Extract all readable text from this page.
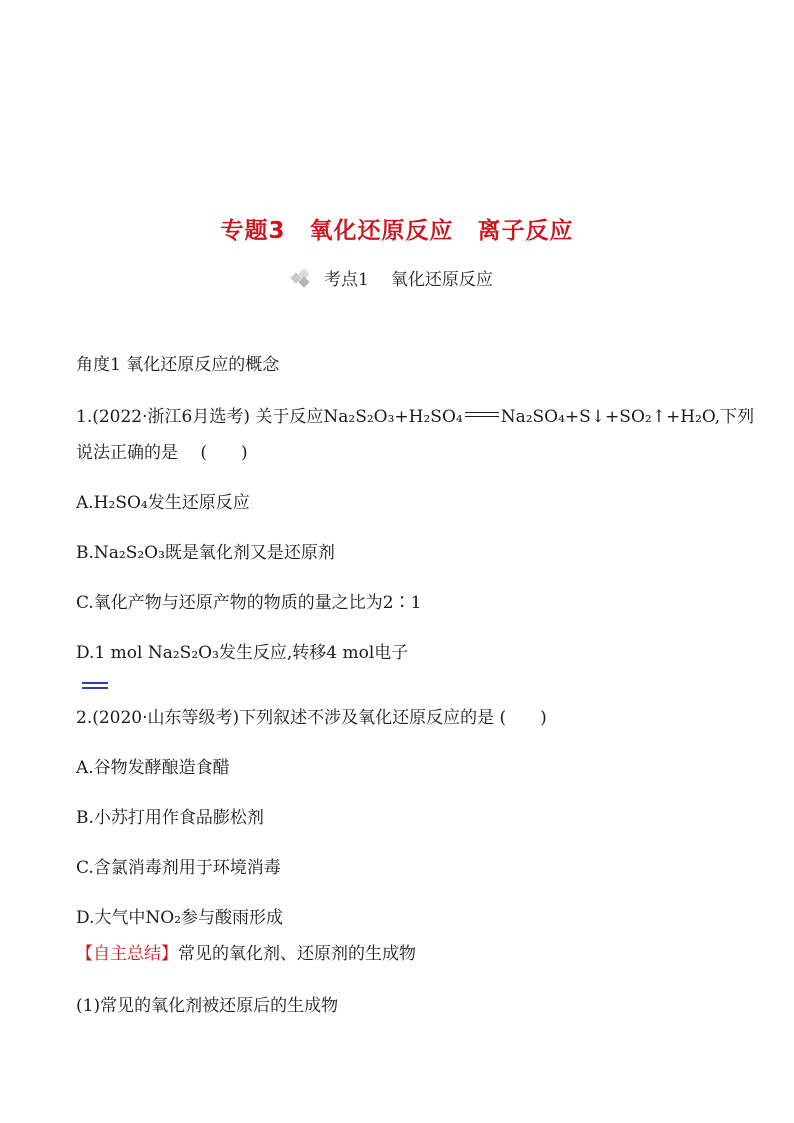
专题3　氧化还原反应　离子反应
考点1 氧化还原反应
角度1 氧化还原反应的概念
1.(2022·浙江6月选考) 关于反应Na₂S₂O₃+H₂SO₄ Na₂SO₄+S↓+SO₂↑+H₂O,下列
说法正确的是　 (　　)
A.H₂SO₄发生还原反应
B.Na₂S₂O₃既是氧化剂又是还原剂
C.氧化产物与还原产物的物质的量之比为2∶1
D.1 mol Na₂S₂O₃发生反应,转移4 mol电子
2.(2020·山东等级考)下列叙述不涉及氧化还原反应的是 (　　)
A.谷物发酵酿造食醋
B.小苏打用作食品膨松剂
C.含氯消毒剂用于环境消毒
D.大气中NO₂参与酸雨形成
【自主总结】常见的氧化剂、还原剂的生成物
(1)常见的氧化剂被还原后的生成物
